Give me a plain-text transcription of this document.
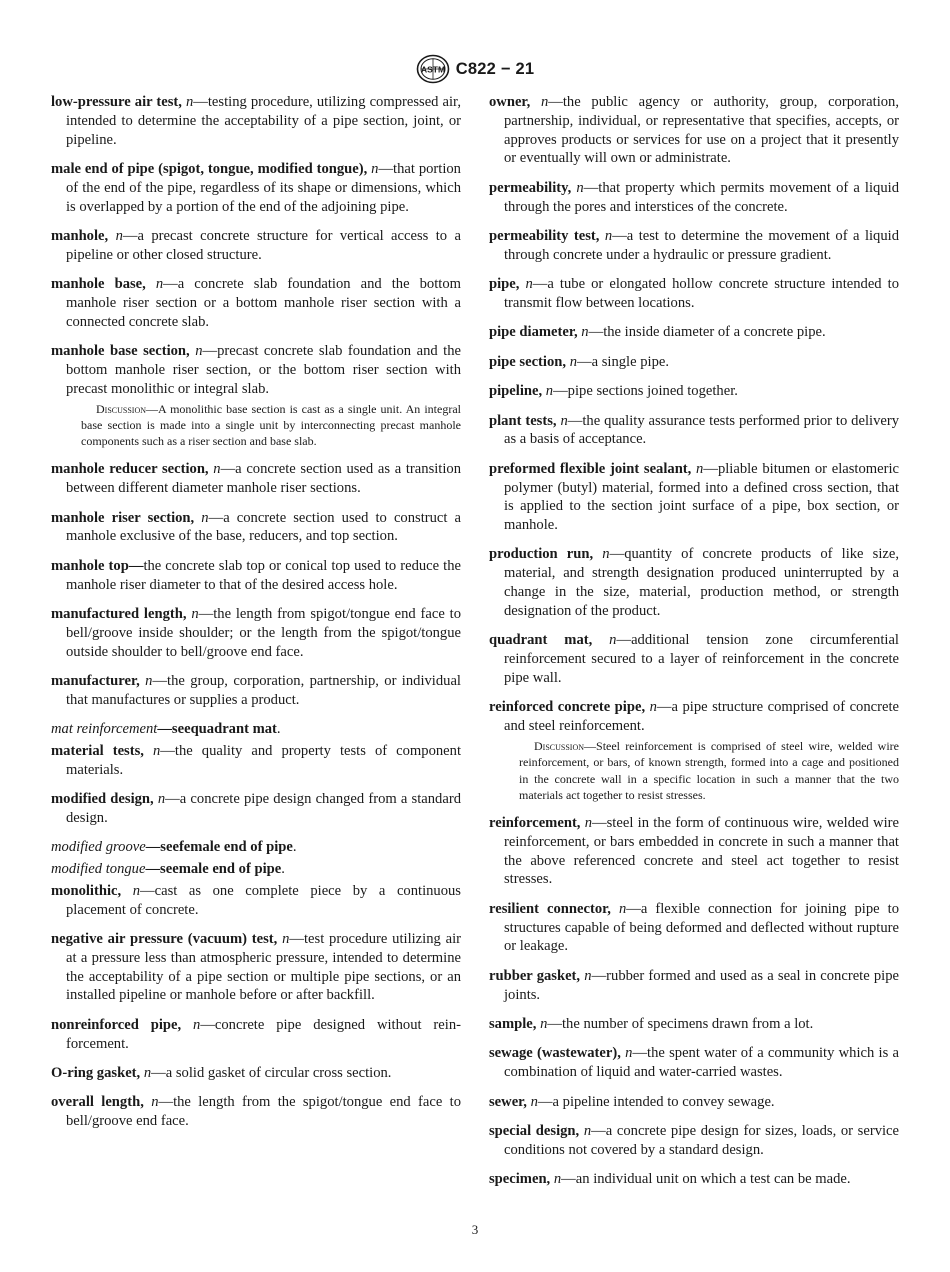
ASTM C822 − 21

low-pressure air test, n—testing procedure, utilizing compressed air, intended to determine the acceptability of a pipe section, joint, or pipeline.

male end of pipe (spigot, tongue, modified tongue), n—that portion of the end of the pipe, regardless of its shape or dimensions, which is overlapped by a portion of the end of the adjoining pipe.

manhole, n—a precast concrete structure for vertical access to a pipeline or other closed structure.

manhole base, n—a concrete slab foundation and the bottom manhole riser section or a bottom manhole riser section with a connected concrete slab.

manhole base section, n—precast concrete slab foundation and the bottom manhole riser section, or the bottom riser section with precast monolithic or integral slab.
Discussion—A monolithic base section is cast as a single unit. An integral base section is made into a single unit by interconnecting precast manhole components such as a riser section and base slab.

manhole reducer section, n—a concrete section used as a transition between different diameter manhole riser sections.

manhole riser section, n—a concrete section used to construct a manhole exclusive of the base, reducers, and top section.

manhole top—the concrete slab top or conical top used to reduce the manhole riser diameter to that of the desired access hole.

manufactured length, n—the length from spigot/tongue end face to bell/groove inside shoulder; or the length from the spigot/tongue outside shoulder to bell/groove end face.

manufacturer, n—the group, corporation, partnership, or individual that manufactures or supplies a product.

mat reinforcement—seequadrant mat.

material tests, n—the quality and property tests of component materials.

modified design, n—a concrete pipe design changed from a standard design.

modified groove—seefemale end of pipe.

modified tongue—seemale end of pipe.

monolithic, n—cast as one complete piece by a continuous placement of concrete.

negative air pressure (vacuum) test, n—test procedure utilizing air at a pressure less than atmospheric pressure, intended to determine the acceptability of a pipe section or multiple pipe sections, or an installed pipeline or manhole before or after backfill.

nonreinforced pipe, n—concrete pipe designed without reinforcement.

O-ring gasket, n—a solid gasket of circular cross section.

overall length, n—the length from the spigot/tongue end face to bell/groove end face.

owner, n—the public agency or authority, group, corporation, partnership, individual, or representative that specifies, accepts, or approves products or services for use on a project that it presently or eventually will own or administrate.

permeability, n—that property which permits movement of a liquid through the pores and interstices of the concrete.

permeability test, n—a test to determine the movement of a liquid through concrete under a hydraulic or pressure gradient.

pipe, n—a tube or elongated hollow concrete structure intended to transmit flow between locations.

pipe diameter, n—the inside diameter of a concrete pipe.

pipe section, n—a single pipe.

pipeline, n—pipe sections joined together.

plant tests, n—the quality assurance tests performed prior to delivery as a basis of acceptance.

preformed flexible joint sealant, n—pliable bitumen or elastomeric polymer (butyl) material, formed into a defined cross section, that is applied to the section joint surface of a pipe, box section, or manhole.

production run, n—quantity of concrete products of like size, material, and strength designation produced uninterrupted by a change in the size, material, production method, or strength designation of the product.

quadrant mat, n—additional tension zone circumferential reinforcement secured to a layer of reinforcement in the concrete pipe wall.

reinforced concrete pipe, n—a pipe structure comprised of concrete and steel reinforcement.
Discussion—Steel reinforcement is comprised of steel wire, welded wire reinforcement, or bars, of known strength, formed into a cage and positioned in the concrete wall in a specific location in such a manner that the two materials act together to resist stresses.

reinforcement, n—steel in the form of continuous wire, welded wire reinforcement, or bars embedded in concrete in such a manner that the above referenced concrete and steel act together to resist stresses.

resilient connector, n—a flexible connection for joining pipe to structures capable of being deformed and deflected without rupture or leakage.

rubber gasket, n—rubber formed and used as a seal in concrete pipe joints.

sample, n—the number of specimens drawn from a lot.

sewage (wastewater), n—the spent water of a community which is a combination of liquid and water-carried wastes.

sewer, n—a pipeline intended to convey sewage.

special design, n—a concrete pipe design for sizes, loads, or service conditions not covered by a standard design.

specimen, n—an individual unit on which a test can be made.

3
